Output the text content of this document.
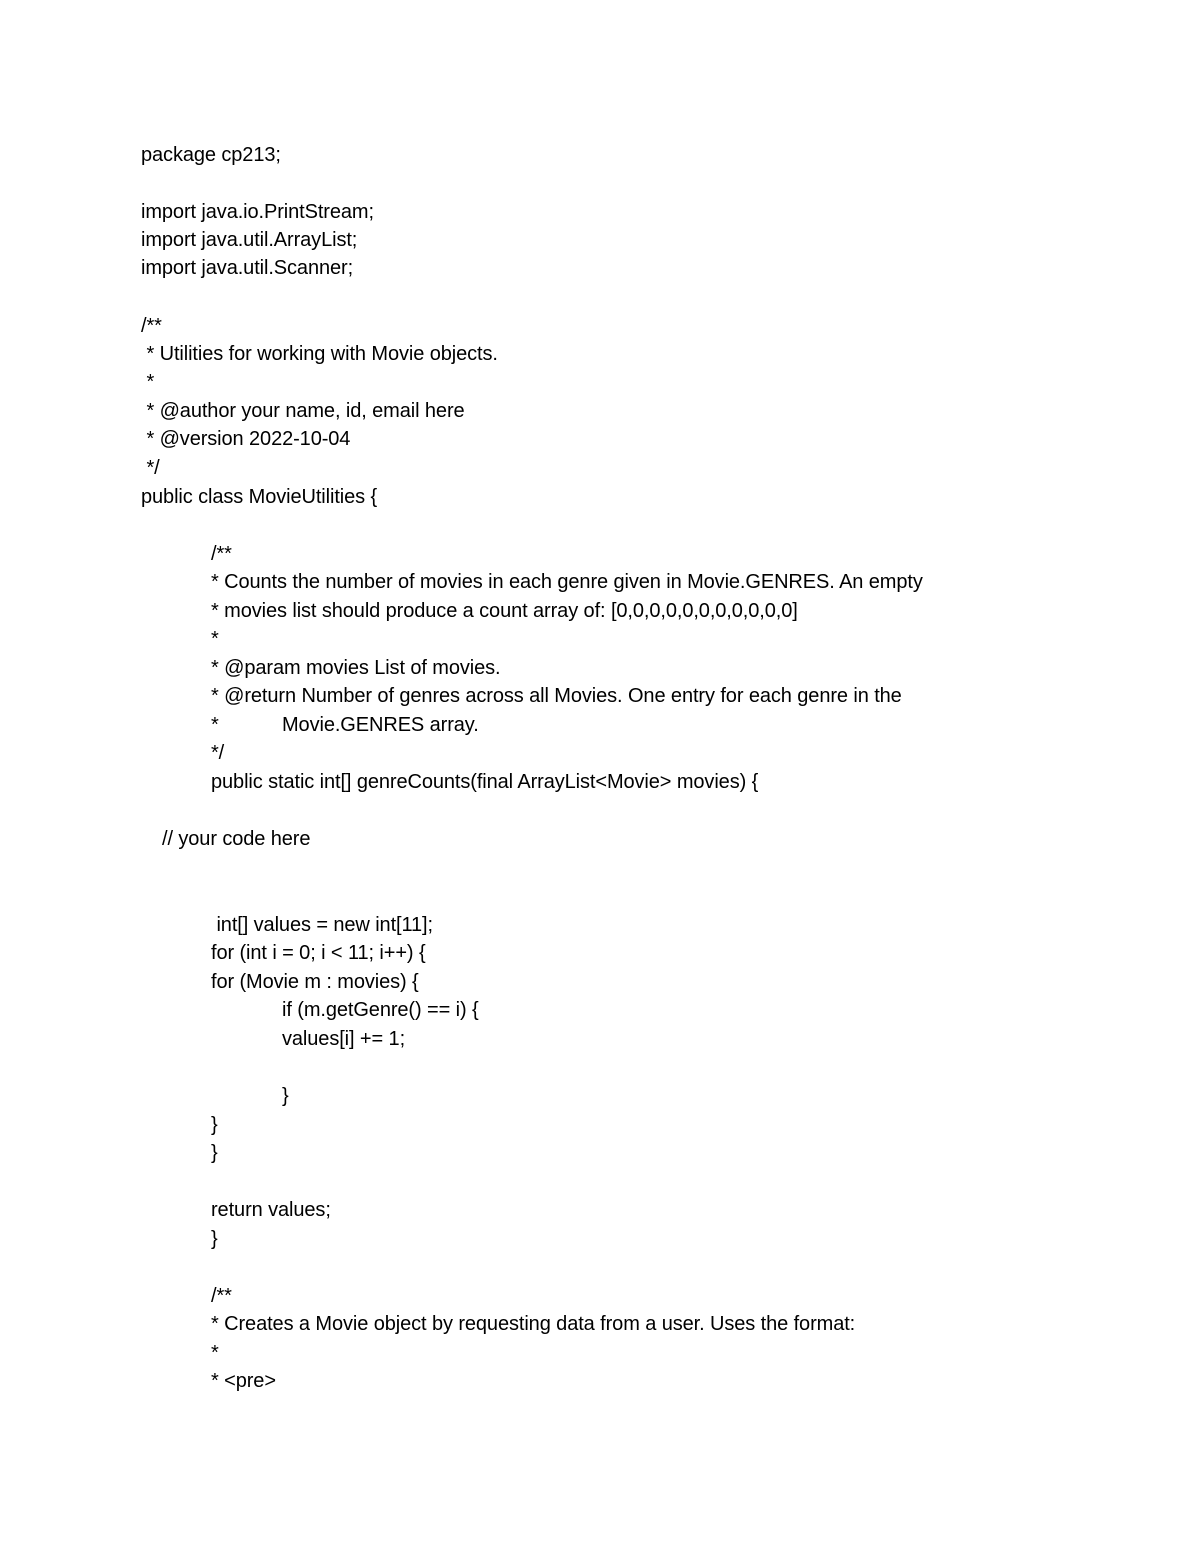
package cp213;
import java.io.PrintStream;
import java.util.ArrayList;
import java.util.Scanner;
/**
* Utilities for working with Movie objects.
*
* @author your name, id, email here
* @version 2022-10-04
*/
public class MovieUtilities {
/**
* Counts the number of movies in each genre given in Movie.GENRES. An empty
* movies list should produce a count array of: [0,0,0,0,0,0,0,0,0,0,0]
*
* @param movies List of movies.
* @return Number of genres across all Movies. One entry for each genre in the
*	Movie.GENRES array.
*/
public static int[] genreCounts(final ArrayList<Movie> movies) {
// your code here
int[] values = new int[11];
for (int i = 0; i < 11; i++) {
for (Movie m : movies) {
if (m.getGenre() == i) {
values[i] += 1;
}
}
}
return values;
}
/**
* Creates a Movie object by requesting data from a user. Uses the format:
*
* <pre>
